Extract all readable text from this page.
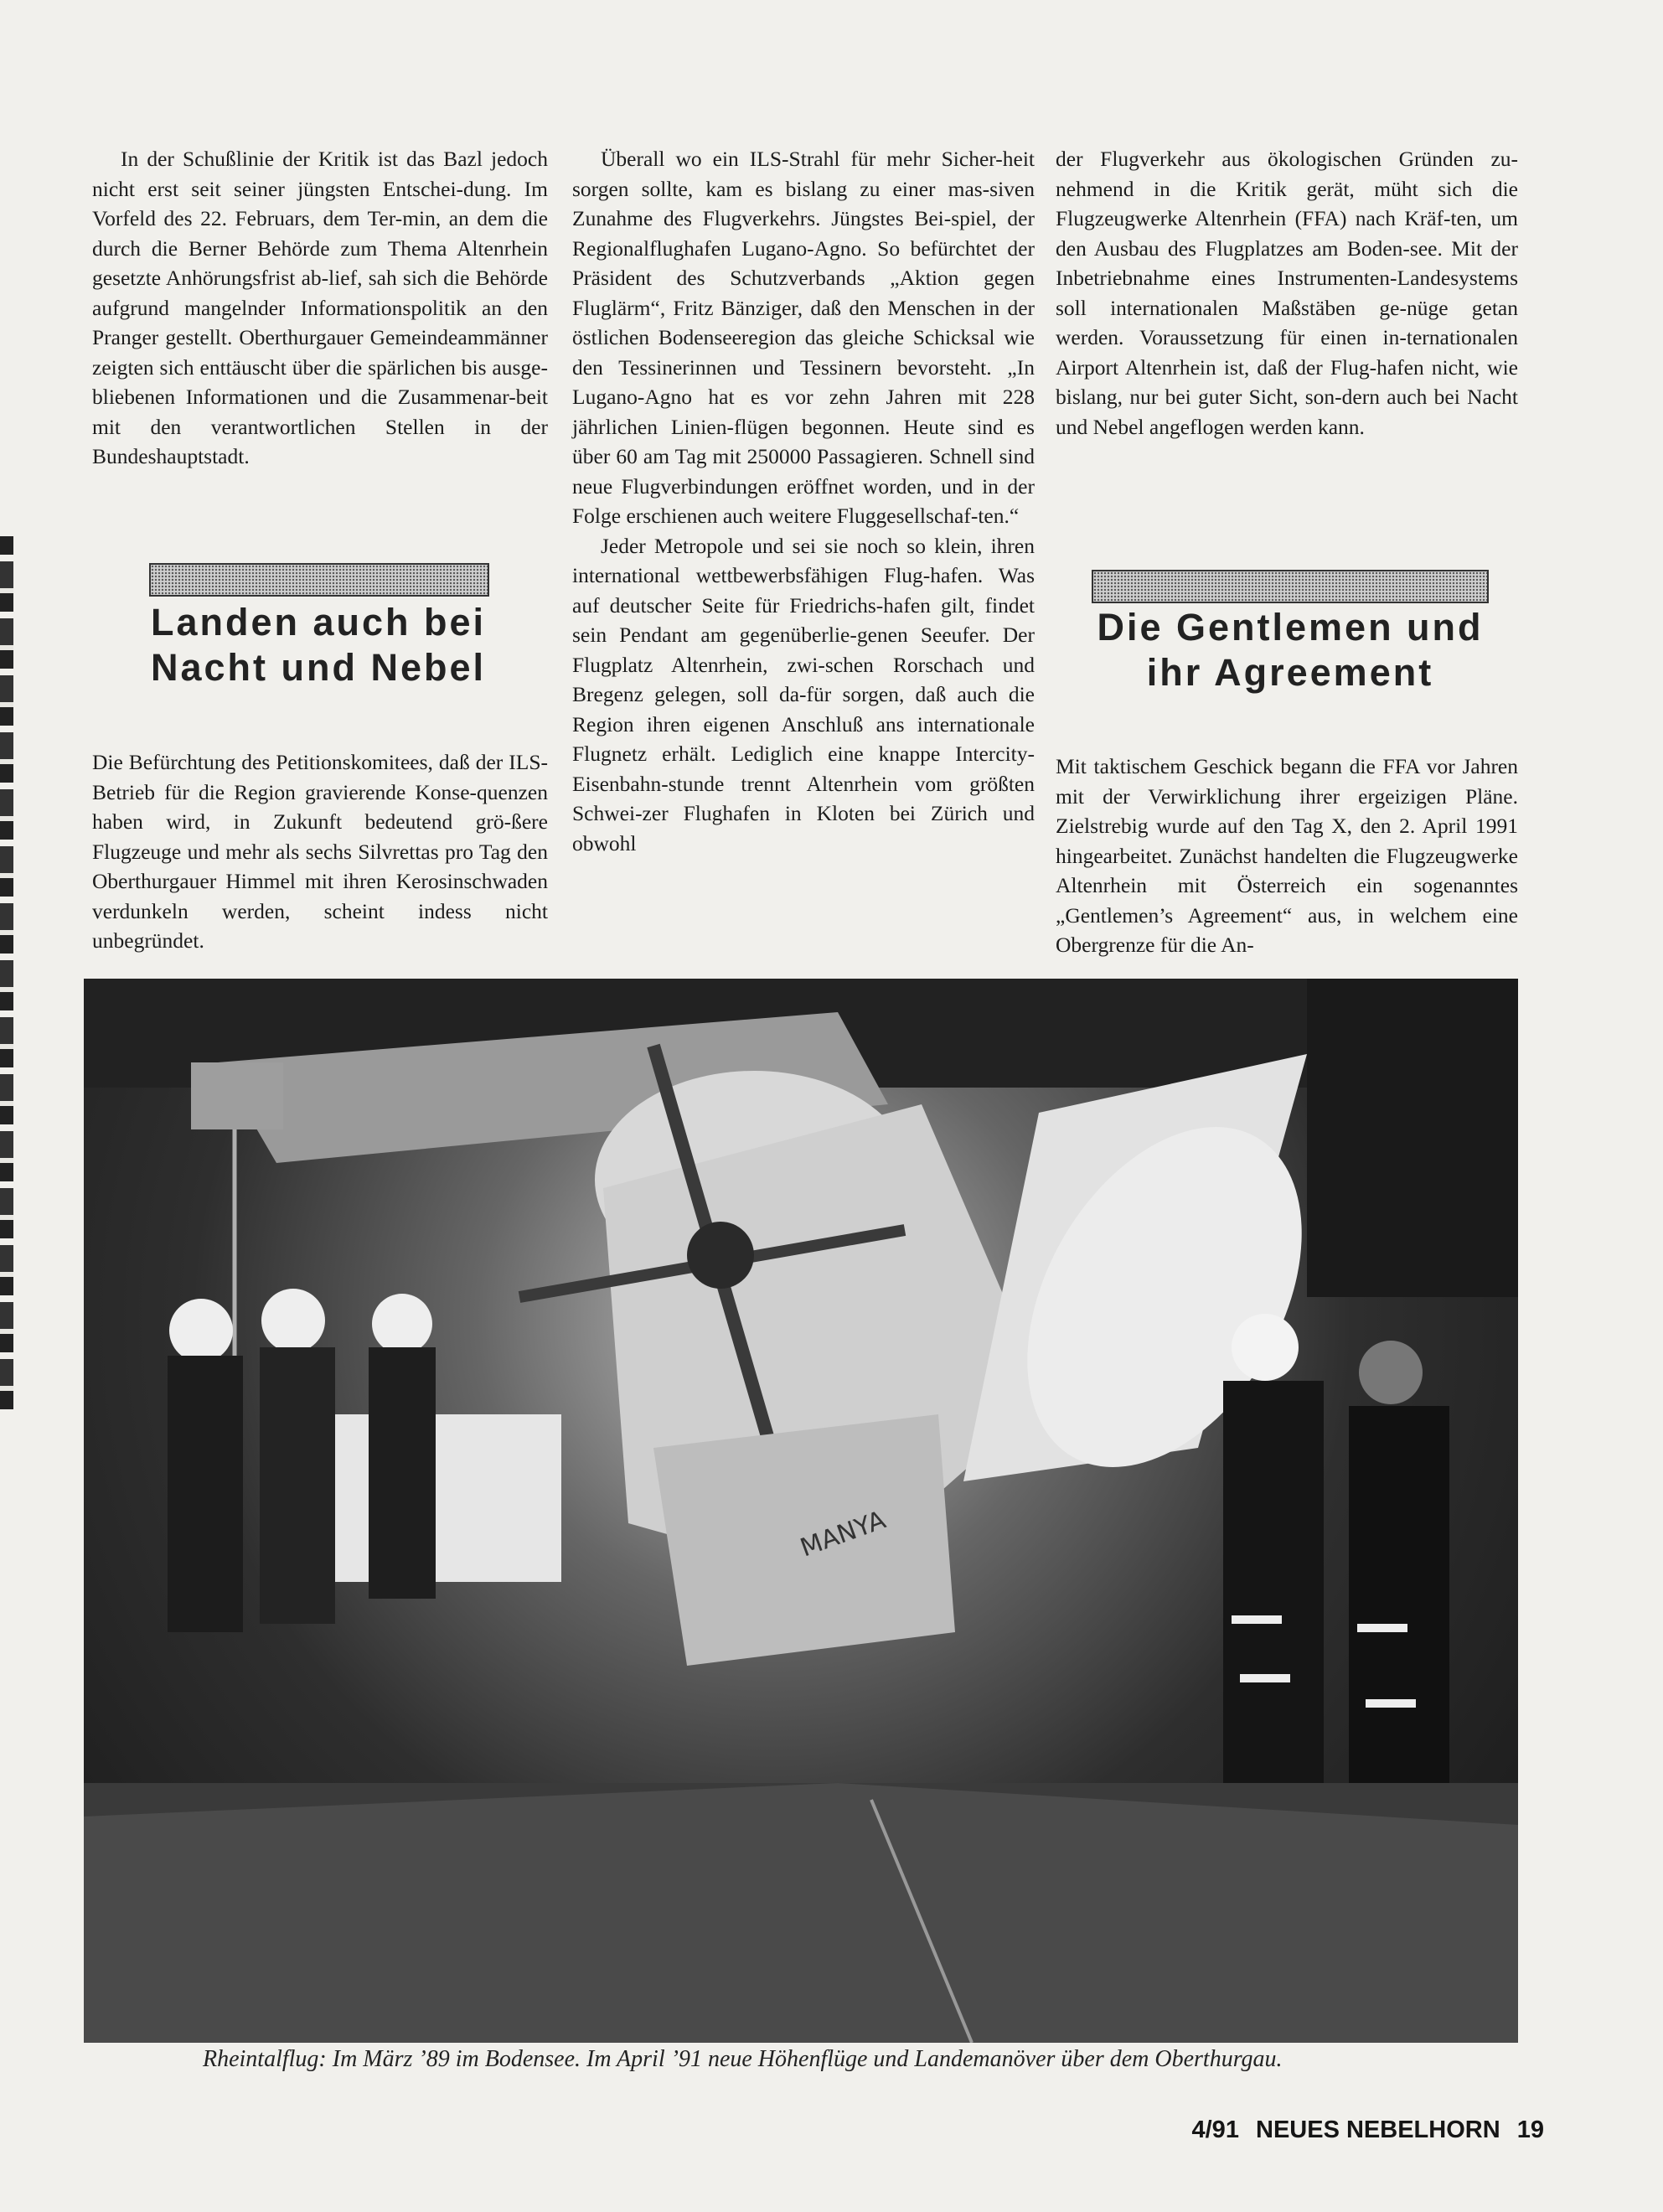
In der Schußlinie der Kritik ist das Bazl jedoch nicht erst seit seiner jüngsten Entschei-dung. Im Vorfeld des 22. Februars, dem Ter-min, an dem die durch die Berner Behörde zum Thema Altenrhein gesetzte Anhörungsfrist ab-lief, sah sich die Behörde aufgrund mangelnder Informationspolitik an den Pranger gestellt. Oberthurgauer Gemeindeammänner zeigten sich enttäuscht über die spärlichen bis ausge-bliebenen Informationen und die Zusammenar-beit mit den verantwortlichen Stellen in der Bundeshauptstadt.

Landen auch bei
Nacht und Nebel

Die Befürchtung des Petitionskomitees, daß der ILS-Betrieb für die Region gravierende Konse-quenzen haben wird, in Zukunft bedeutend grö-ßere Flugzeuge und mehr als sechs Silvrettas pro Tag den Oberthurgauer Himmel mit ihren Kerosinschwaden verdunkeln werden, scheint indess nicht unbegründet.

Überall wo ein ILS-Strahl für mehr Sicher-heit sorgen sollte, kam es bislang zu einer mas-siven Zunahme des Flugverkehrs. Jüngstes Bei-spiel, der Regionalflughafen Lugano-Agno. So befürchtet der Präsident des Schutzverbands „Aktion gegen Fluglärm“, Fritz Bänziger, daß den Menschen in der östlichen Bodenseeregion das gleiche Schicksal wie den Tessinerinnen und Tessinern bevorsteht. „In Lugano-Agno hat es vor zehn Jahren mit 228 jährlichen Linien-flügen begonnen. Heute sind es über 60 am Tag mit 250000 Passagieren. Schnell sind neue Flugverbindungen eröffnet worden, und in der Folge erschienen auch weitere Fluggesellschaf-ten.“

Jeder Metropole und sei sie noch so klein, ihren international wettbewerbsfähigen Flug-hafen. Was auf deutscher Seite für Friedrichs-hafen gilt, findet sein Pendant am gegenüberlie-genen Seeufer. Der Flugplatz Altenrhein, zwi-schen Rorschach und Bregenz gelegen, soll da-für sorgen, daß auch die Region ihren eigenen Anschluß ans internationale Flugnetz erhält. Lediglich eine knappe Intercity-Eisenbahn-stunde trennt Altenrhein vom größten Schwei-zer Flughafen in Kloten bei Zürich und obwohl

der Flugverkehr aus ökologischen Gründen zu-nehmend in die Kritik gerät, müht sich die Flugzeugwerke Altenrhein (FFA) nach Kräf-ten, um den Ausbau des Flugplatzes am Boden-see. Mit der Inbetriebnahme eines Instrumenten-Landesystems soll internationalen Maßstäben ge-nüge getan werden. Voraussetzung für einen in-ternationalen Airport Altenrhein ist, daß der Flug-hafen nicht, wie bislang, nur bei guter Sicht, son-dern auch bei Nacht und Nebel angeflogen werden kann.

Die Gentlemen und
ihr Agreement

Mit taktischem Geschick begann die FFA vor Jahren mit der Verwirklichung ihrer ergeizigen Pläne. Zielstrebig wurde auf den Tag X, den 2. April 1991 hingearbeitet. Zunächst handelten die Flugzeugwerke Altenrhein mit Österreich ein sogenanntes „Gentlemen’s Agreement“ aus, in welchem eine Obergrenze für die An-

MANYA
Rheintalflug: Im März ’89 im Bodensee. Im April ’91 neue Höhenflüge und Landemanöver über dem Oberthurgau.
4/91 NEUES NEBELHORN 19
